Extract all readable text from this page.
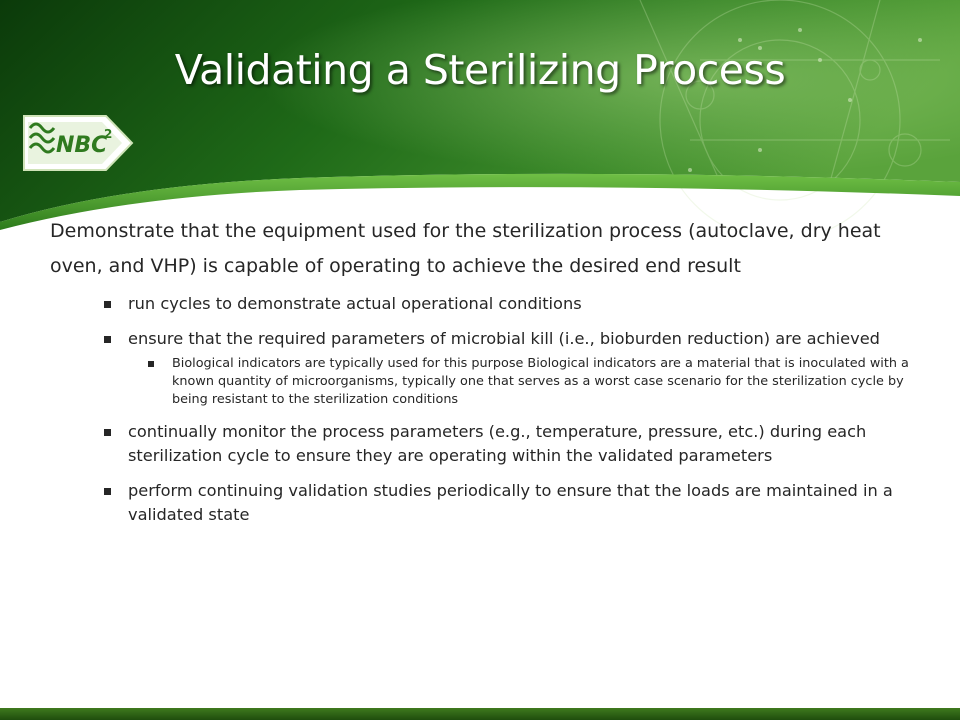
Validating a Sterilizing Process
NBC
2

Demonstrate that the equipment used for the sterilization process (autoclave, dry heat oven, and VHP) is capable of operating to achieve the desired end result

run cycles to demonstrate actual operational conditions
ensure that the required parameters of microbial kill (i.e., bioburden reduction) are achieved
Biological indicators are typically used for this purpose Biological indicators are a material that is inoculated with a known quantity of microorganisms, typically one that serves as a worst case scenario for the sterilization cycle by being resistant to the sterilization conditions
continually monitor the process parameters (e.g., temperature, pressure, etc.) during each sterilization cycle to ensure they are operating within the validated parameters
perform continuing validation studies periodically to ensure that the loads are maintained in a validated state
